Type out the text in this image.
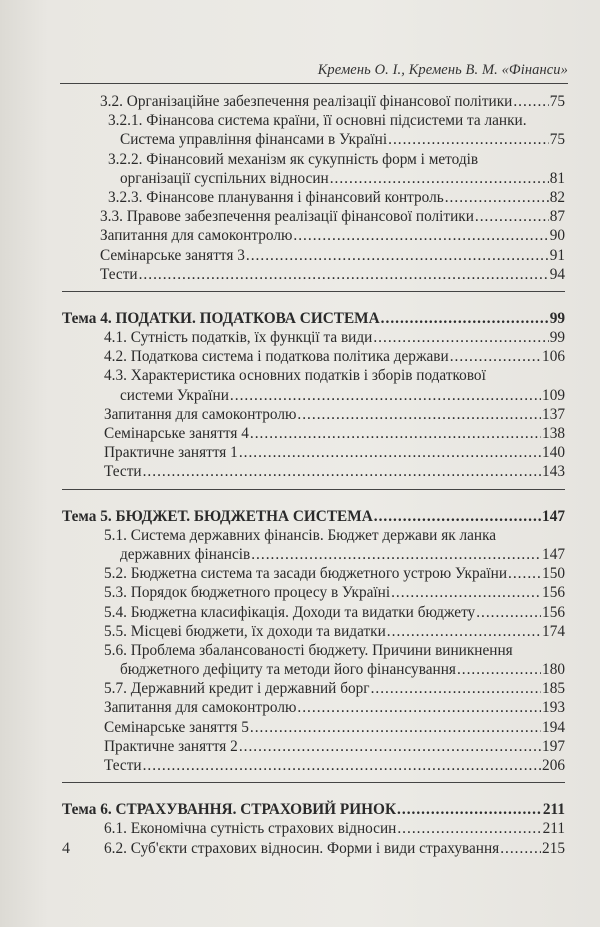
Кремень О. І., Кремень В. М. «Фінанси»
3.2. Організаційне забезпечення реалізації фінансової політики ..... 75
3.2.1. Фінансова система країни, її основні підсистеми та ланки.
Система управління фінансами в Україні .....	75
3.2.2. Фінансовий механізм як сукупність форм і методів
організації суспільних відносин .....	81
3.2.3. Фінансове планування і фінансовий контроль .....	82
3.3. Правове забезпечення реалізації фінансової політики .....	87
Запитання для самоконтролю .....	90
Семінарське заняття 3 .....	91
Тести .....	94
Тема 4. ПОДАТКИ. ПОДАТКОВА СИСТЕМА .....	99
4.1. Сутність податків, їх функції та види .....	99
4.2. Податкова система і податкова політика держави .....	106
4.3. Характеристика основних податків і зборів податкової
системи України .....	109
Запитання для самоконтролю .....	137
Семінарське заняття 4 .....	138
Практичне заняття 1 .....	140
Тести .....	143
Тема 5. БЮДЖЕТ. БЮДЖЕТНА СИСТЕМА .....	147
5.1. Система державних фінансів. Бюджет держави як ланка
державних фінансів .....	147
5.2. Бюджетна система та засади бюджетного устрою України ..... 150
5.3. Порядок бюджетного процесу в Україні .....	156
5.4. Бюджетна класифікація. Доходи та видатки бюджету .....	156
5.5. Місцеві бюджети, їх доходи та видатки .....	174
5.6. Проблема збалансованості бюджету. Причини виникнення
бюджетного дефіциту та методи його фінансування .....	180
5.7. Державний кредит і державний борг .....	185
Запитання для самоконтролю .....	193
Семінарське заняття 5 .....	194
Практичне заняття 2 .....	197
Тести .....	206
Тема 6. СТРАХУВАННЯ. СТРАХОВИЙ РИНОК .....	211
6.1. Економічна сутність страхових відносин .....	211
6.2. Суб'єкти страхових відносин. Форми і види страхування .....	215
4
